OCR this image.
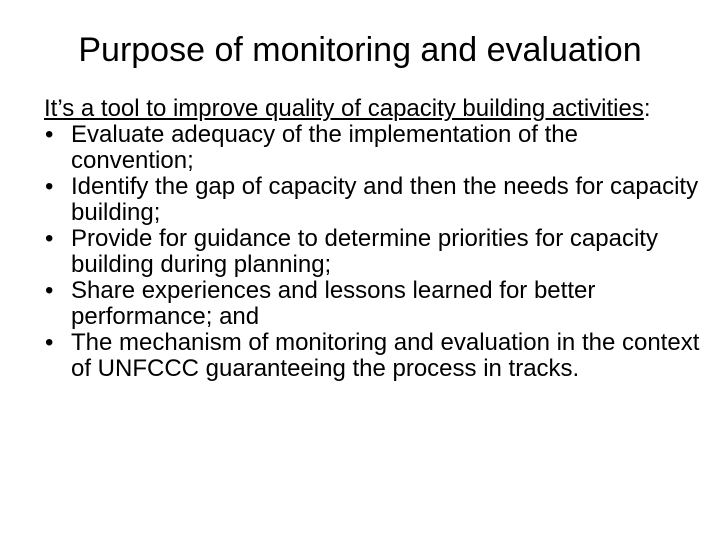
Purpose of monitoring and evaluation

It’s a tool to improve quality of capacity building activities:

• Evaluate adequacy of the implementation of the convention;
• Identify the gap of capacity and then the needs for capacity building;
• Provide for guidance to determine priorities for capacity building during planning;
• Share experiences and lessons learned for better performance; and
• The mechanism of monitoring and evaluation in the context of UNFCCC guaranteeing the process in tracks.
